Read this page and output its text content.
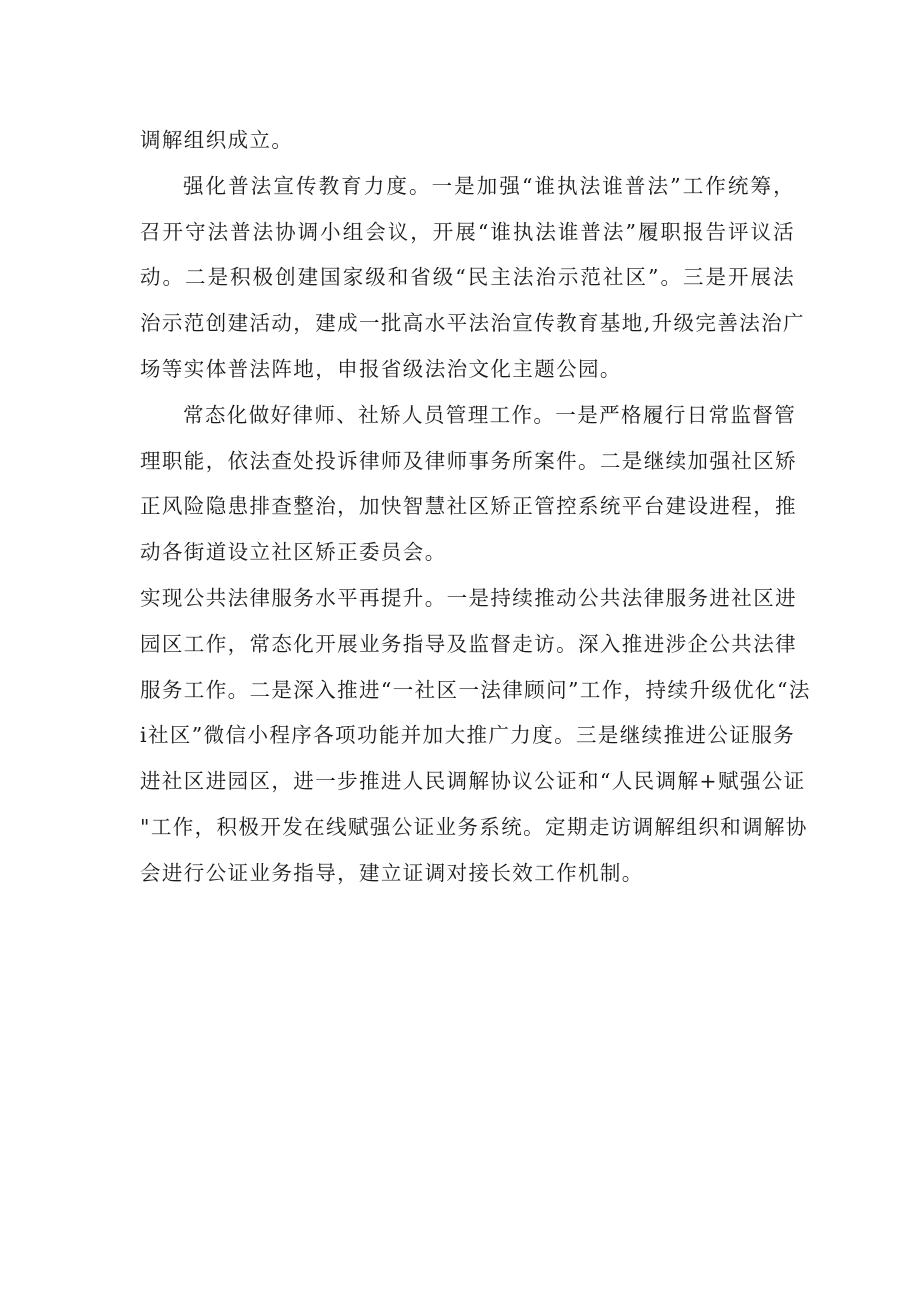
调解组织成立。
强化普法宣传教育力度。一是加强“谁执法谁普法”工作统筹，
召开守法普法协调小组会议，开展“谁执法谁普法”履职报告评议活
动。二是积极创建国家级和省级“民主法治示范社区”。三是开展法
治示范创建活动，建成一批高水平法治宣传教育基地,升级完善法治广
场等实体普法阵地，申报省级法治文化主题公园。
常态化做好律师、社矫人员管理工作。一是严格履行日常监督管
理职能，依法查处投诉律师及律师事务所案件。二是继续加强社区矫
正风险隐患排查整治，加快智慧社区矫正管控系统平台建设进程，推
动各街道设立社区矫正委员会。
实现公共法律服务水平再提升。一是持续推动公共法律服务进社区进
园区工作，常态化开展业务指导及监督走访。深入推进涉企公共法律
服务工作。二是深入推进“一社区一法律顾问”工作，持续升级优化“法
i社区”微信小程序各项功能并加大推广力度。三是继续推进公证服务
进社区进园区，进一步推进人民调解协议公证和“人民调解+赋强公证
"工作，积极开发在线赋强公证业务系统。定期走访调解组织和调解协
会进行公证业务指导，建立证调对接长效工作机制。
